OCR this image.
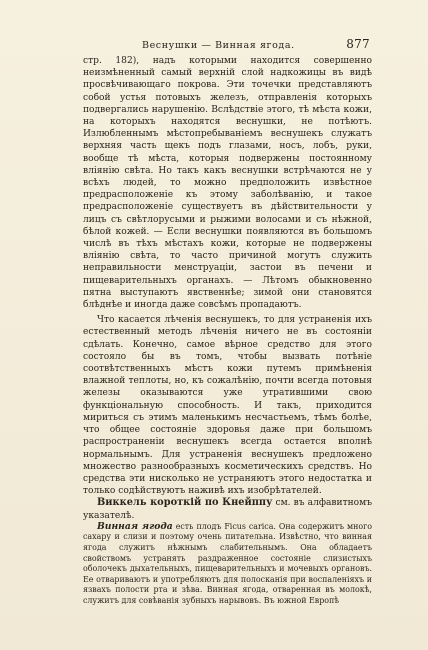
Веснушки — Винная ягода.	877

стр. 182), надъ которыми находится совершенно неизмѣненный самый верхній слой надкожицы въ видѣ просвѣчивающаго покрова. Эти точечки представляютъ собой устья потовыхъ железъ, отправленія которыхъ подвергались нарушенію. Вслѣдствіе этого, тѣ мѣста кожи, на которыхъ находятся веснушки, не потѣютъ. Излюбленнымъ мѣстопребываніемъ веснушекъ служатъ верхняя часть щекъ подъ глазами, носъ, лобъ, руки, вообще тѣ мѣста, которыя подвержены постоянному вліянію свѣта. Но такъ какъ веснушки встрѣчаются не у всѣхъ людей, то можно предположить извѣстное предрасположеніе къ этому заболѣванію, и такое предрасположеніе существуетъ въ дѣйствительности у лицъ съ свѣтлорусыми и рыжими волосами и съ нѣжной, бѣлой кожей. — Если веснушки появляются въ большомъ числѣ въ тѣхъ мѣстахъ кожи, которые не подвержены вліянію свѣта, то часто причиной могутъ служить неправильности менструаціи, застои въ печени и пищеварительныхъ органахъ. — Лѣтомъ обыкновенно пятна выступаютъ явственнѣе; зимой они становятся блѣднѣе и иногда даже совсѣмъ пропадаютъ.

Что касается лѣченія веснушекъ, то для устраненія ихъ естественный методъ лѣченія ничего не въ состояніи сдѣлать. Конечно, самое вѣрное средство для этого состояло бы въ томъ, чтобы вызвать потѣніе соотвѣтственныхъ мѣстъ кожи путемъ примѣненія влажной теплоты, но, къ сожалѣнію, почти всегда потовыя железы оказываются уже утратившими свою функціональную способность. И такъ, приходится мириться съ этимъ маленькимъ несчастьемъ, тѣмъ болѣе, что общее состояніе здоровья даже при большомъ распространеніи веснушекъ всегда остается вполнѣ нормальнымъ. Для устраненія веснушекъ предложено множество разнообразныхъ косметическихъ средствъ. Но средства эти нисколько не устраняютъ этого недостатка и только содѣйствуютъ наживѣ ихъ изобрѣтателей.

Виккель короткій по Кнейппу см. въ алфавитномъ указателѣ.

Винная ягода есть плодъ Ficus carica. Она содержитъ много сахару и слизи и поэтому очень питательна. Извѣстно, что винная ягода служитъ нѣжнымъ слабительнымъ. Она обладаетъ свойствомъ устранять раздраженное состояніе слизистыхъ оболочекъ дыхательныхъ, пищеварительныхъ и мочевыхъ органовъ. Ее отвариваютъ и употребляютъ для полосканія при воспаленіяхъ и язвахъ полости рта и зѣва. Винная ягода, отваренная въ молокѣ, служитъ для совѣванія зубныхъ нарывовъ. Въ южной Европѣ
